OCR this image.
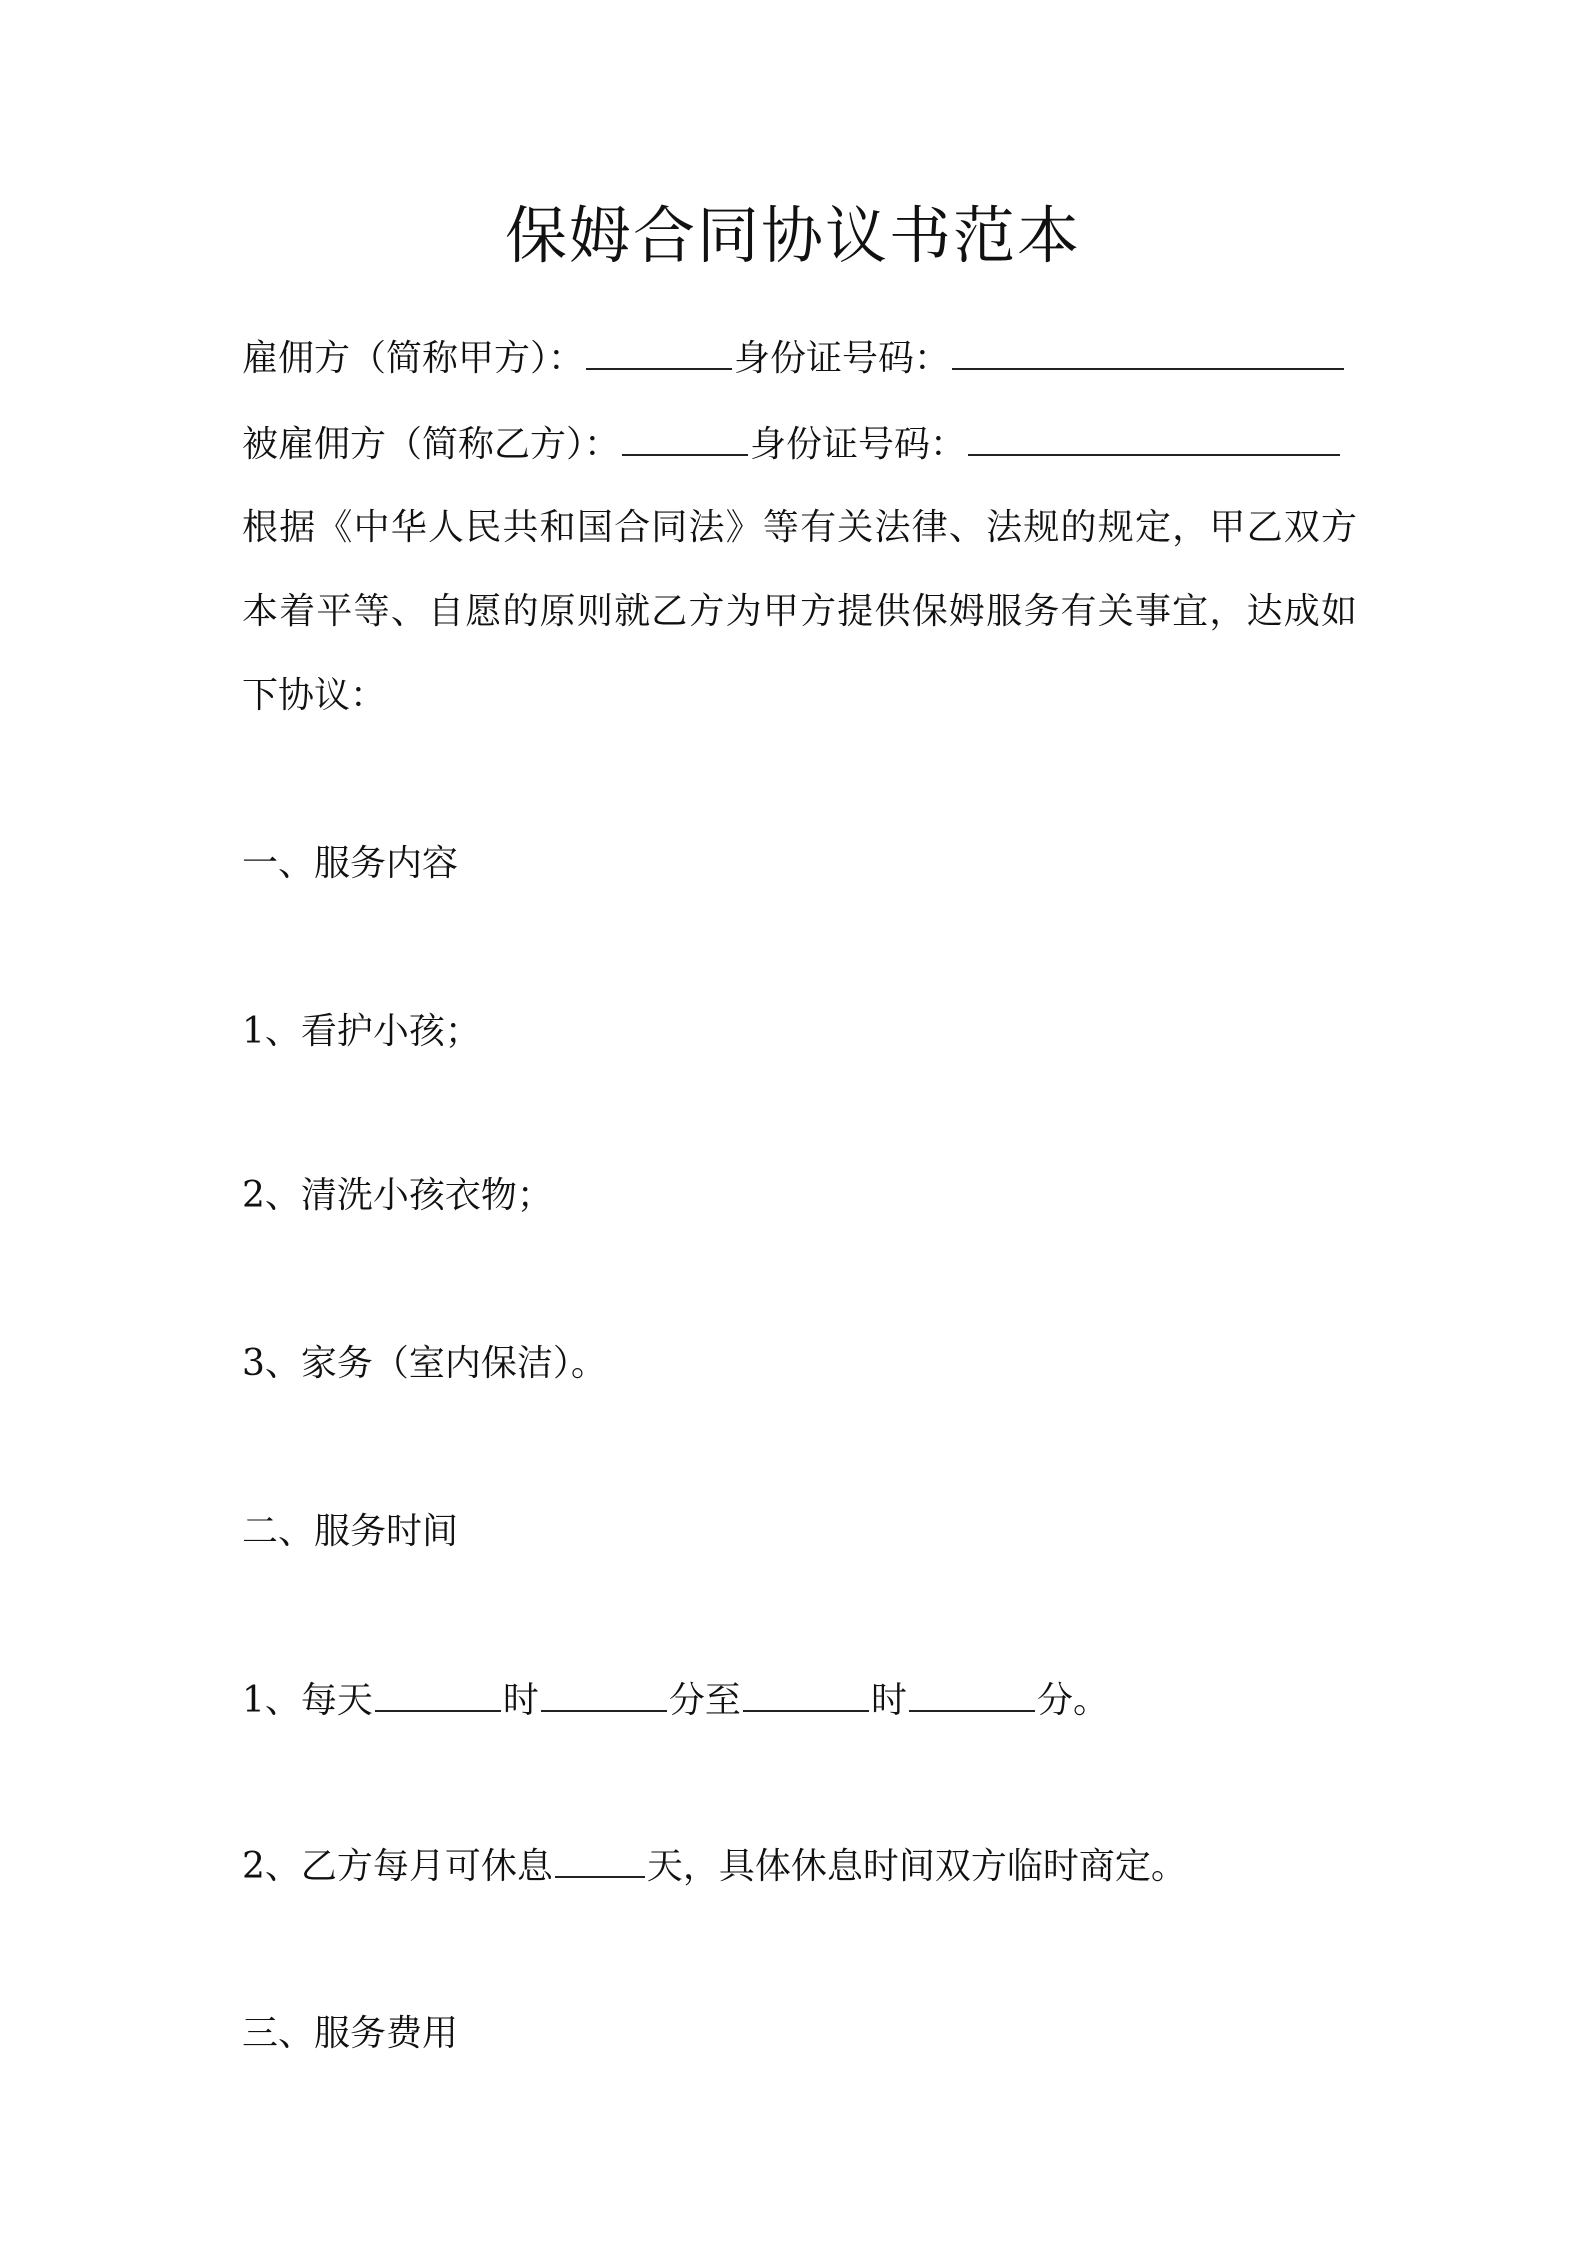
保姆合同协议书范本
雇佣方（简称甲方）：	身份证号码：
被雇佣方（简称乙方）：	身份证号码：
根据《中华人民共和国合同法》等有关法律、法规的规定，甲乙双方本着平等、自愿的原则就乙方为甲方提供保姆服务有关事宜，达成如下协议：
一、服务内容
1、看护小孩；
2、清洗小孩衣物；
3、家务（室内保洁）。
二、服务时间
1、每天	时	分至	时	分。
2、乙方每月可休息	天，具体休息时间双方临时商定。
三、服务费用
